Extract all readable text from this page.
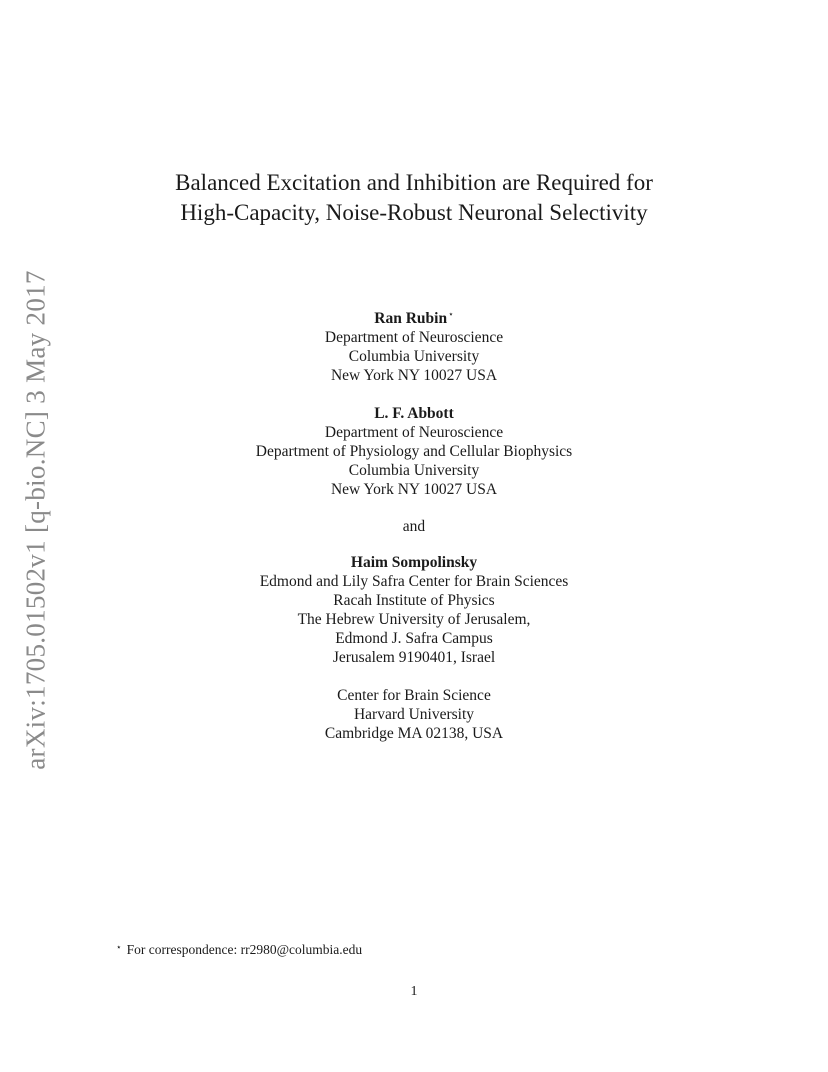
arXiv:1705.01502v1 [q-bio.NC] 3 May 2017
Balanced Excitation and Inhibition are Required for
High-Capacity, Noise-Robust Neuronal Selectivity
Ran Rubin⋆
Department of Neuroscience
Columbia University
New York NY 10027 USA
L. F. Abbott
Department of Neuroscience
Department of Physiology and Cellular Biophysics
Columbia University
New York NY 10027 USA
and
Haim Sompolinsky
Edmond and Lily Safra Center for Brain Sciences
Racah Institute of Physics
The Hebrew University of Jerusalem,
Edmond J. Safra Campus
Jerusalem 9190401, Israel
Center for Brain Science
Harvard University
Cambridge MA 02138, USA
⋆ For correspondence: rr2980@columbia.edu
1
